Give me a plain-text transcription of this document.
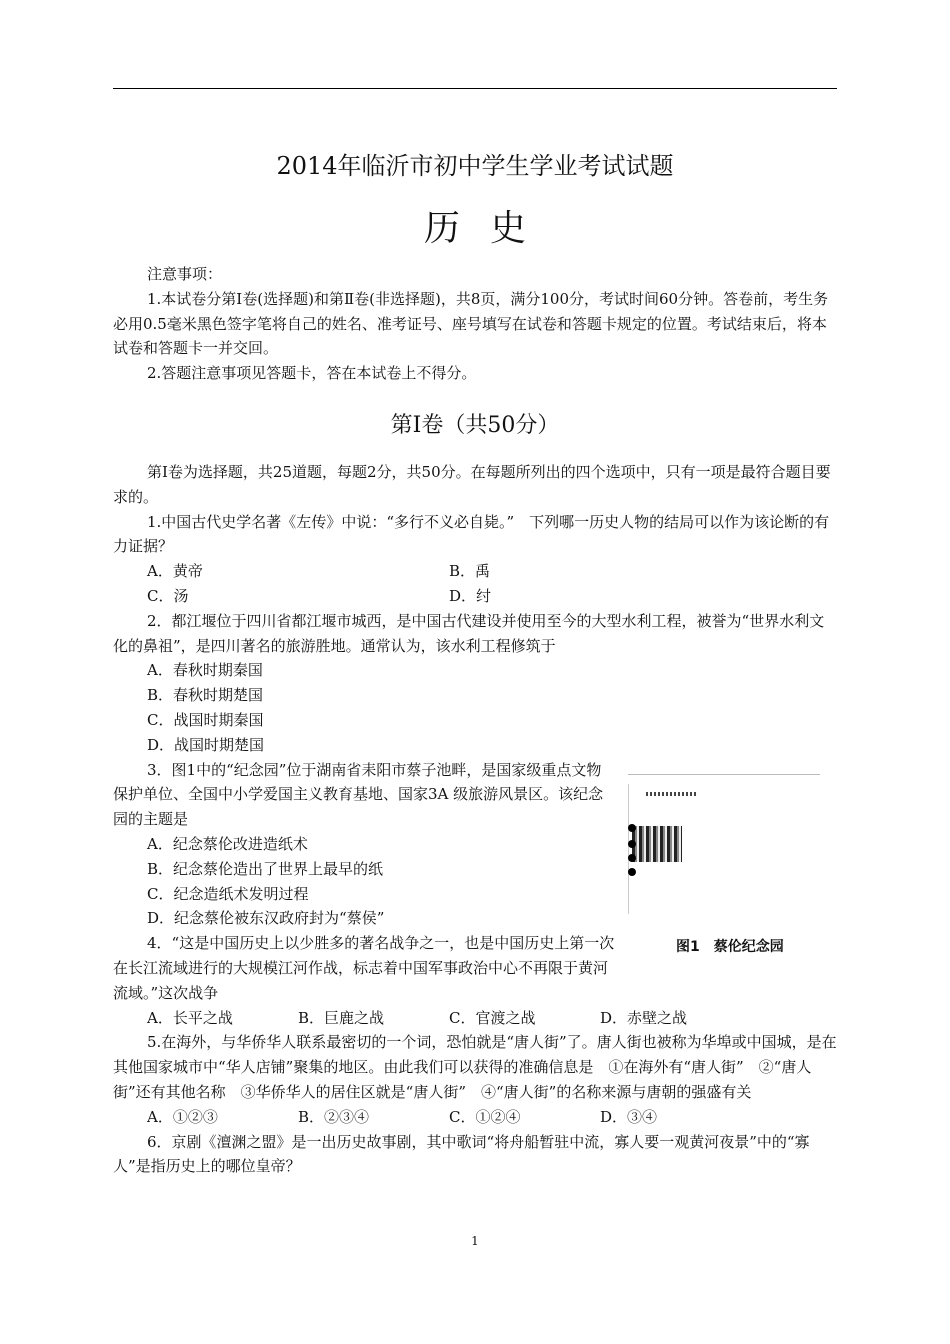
2014年临沂市初中学生学业考试试题
历史

注意事项：

1.本试卷分第Ⅰ卷(选择题)和第Ⅱ卷(非选择题)，共8页，满分100分，考试时间60分钟。答卷前，考生务必用0.5毫米黑色签字笔将自己的姓名、准考证号、座号填写在试卷和答题卡规定的位置。考试结束后，将本试卷和答题卡一并交回。

2.答题注意事项见答题卡，答在本试卷上不得分。

第Ⅰ卷（共50分）

第Ⅰ卷为选择题，共25道题，每题2分，共50分。在每题所列出的四个选项中，只有一项是最符合题目要求的。

1.中国古代史学名著《左传》中说：“多行不义必自毙。”　下列哪一历史人物的结局可以作为该论断的有力证据？

A．黄帝	B．禹
C．汤	D．纣

2．都江堰位于四川省都江堰市城西，是中国古代建设并使用至今的大型水利工程，被誉为“世界水利文化的鼻祖”，是四川著名的旅游胜地。通常认为，该水利工程修筑于

A．春秋时期秦国

B．春秋时期楚国

C．战国时期秦国

D．战国时期楚国

3．图1中的“纪念园”位于湖南省耒阳市蔡子池畔，是国家级重点文物保护单位、全国中小学爱国主义教育基地、国家3A 级旅游风景区。该纪念园的主题是

A．纪念蔡伦改进造纸术

B．纪念蔡伦造出了世界上最早的纸

C．纪念造纸术发明过程

D．纪念蔡伦被东汉政府封为“蔡侯”

4．“这是中国历史上以少胜多的著名战争之一，也是中国历史上第一次在长江流域进行的大规模江河作战，标志着中国军事政治中心不再限于黄河流域。”这次战争

A．长平之战	B．巨鹿之战	C．官渡之战	D．赤壁之战

5.在海外，与华侨华人联系最密切的一个词，恐怕就是“唐人街”了。唐人街也被称为华埠或中国城，是在其他国家城市中“华人店铺”聚集的地区。由此我们可以获得的准确信息是　①在海外有“唐人街”　②“唐人街”还有其他名称　③华侨华人的居住区就是“唐人街”　④“唐人街”的名称来源与唐朝的强盛有关

A．①②③	B．②③④	C．①②④	D．③④

6．京剧《澶渊之盟》是一出历史故事剧，其中歌词“将舟船暂驻中流，寡人要一观黄河夜景”中的“寡人”是指历史上的哪位皇帝？

图1　蔡伦纪念园
1
